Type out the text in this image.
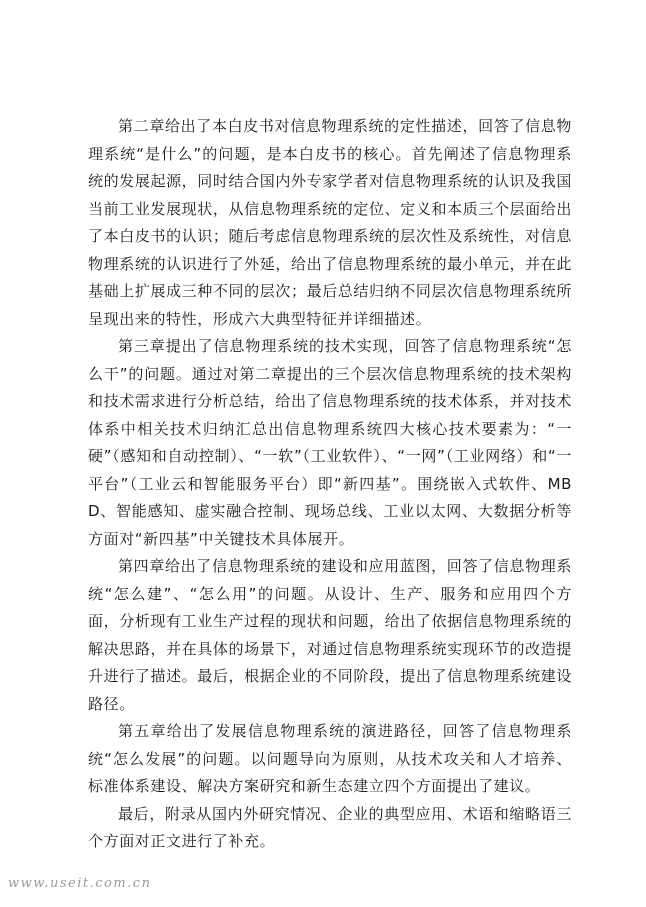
第二章给出了本白皮书对信息物理系统的定性描述，回答了信息物理系统“是什么”的问题，是本白皮书的核心。首先阐述了信息物理系统的发展起源，同时结合国内外专家学者对信息物理系统的认识及我国当前工业发展现状，从信息物理系统的定位、定义和本质三个层面给出了本白皮书的认识；随后考虑信息物理系统的层次性及系统性，对信息物理系统的认识进行了外延，给出了信息物理系统的最小单元，并在此基础上扩展成三种不同的层次；最后总结归纳不同层次信息物理系统所呈现出来的特性，形成六大典型特征并详细描述。

第三章提出了信息物理系统的技术实现，回答了信息物理系统“怎么干”的问题。通过对第二章提出的三个层次信息物理系统的技术架构和技术需求进行分析总结，给出了信息物理系统的技术体系，并对技术体系中相关技术归纳汇总出信息物理系统四大核心技术要素为：“一硬”（感知和自动控制）、“一软”（工业软件）、“一网”（工业网络）和“一平台”（工业云和智能服务平台）即“新四基”。围绕嵌入式软件、MBD、智能感知、虚实融合控制、现场总线、工业以太网、大数据分析等方面对“新四基”中关键技术具体展开。

第四章给出了信息物理系统的建设和应用蓝图，回答了信息物理系统“怎么建”、“怎么用”的问题。从设计、生产、服务和应用四个方面，分析现有工业生产过程的现状和问题，给出了依据信息物理系统的解决思路，并在具体的场景下，对通过信息物理系统实现环节的改造提升进行了描述。最后，根据企业的不同阶段，提出了信息物理系统建设路径。

第五章给出了发展信息物理系统的演进路径，回答了信息物理系统“怎么发展”的问题。以问题导向为原则，从技术攻关和人才培养、标准体系建设、解决方案研究和新生态建立四个方面提出了建议。

最后，附录从国内外研究情况、企业的典型应用、术语和缩略语三个方面对正文进行了补充。

www.useit.com.cn
